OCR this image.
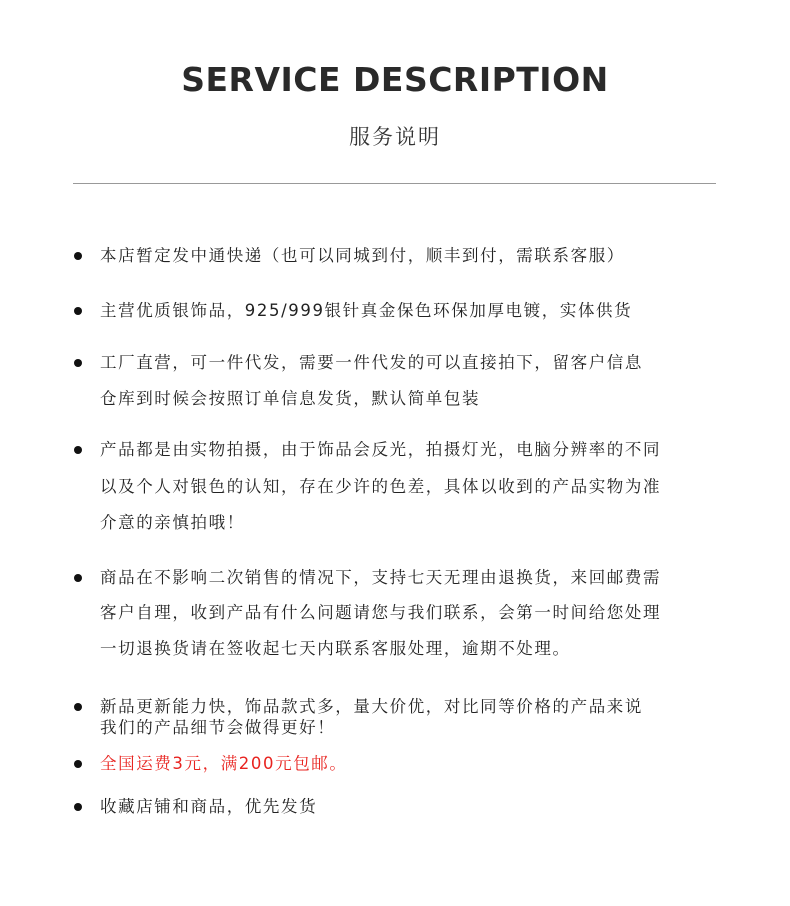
SERVICE DESCRIPTION
服务说明
本店暂定发中通快递（也可以同城到付，顺丰到付，需联系客服）
主营优质银饰品，925/999银针真金保色环保加厚电镀，实体供货
工厂直营，可一件代发，需要一件代发的可以直接拍下，留客户信息
仓库到时候会按照订单信息发货，默认简单包装
产品都是由实物拍摄，由于饰品会反光，拍摄灯光，电脑分辨率的不同
以及个人对银色的认知，存在少许的色差，具体以收到的产品实物为准
介意的亲慎拍哦！
商品在不影响二次销售的情况下，支持七天无理由退换货，来回邮费需
客户自理，收到产品有什么问题请您与我们联系，会第一时间给您处理
一切退换货请在签收起七天内联系客服处理，逾期不处理。
新品更新能力快，饰品款式多，量大价优，对比同等价格的产品来说
我们的产品细节会做得更好！
全国运费3元，满200元包邮。
收藏店铺和商品，优先发货
